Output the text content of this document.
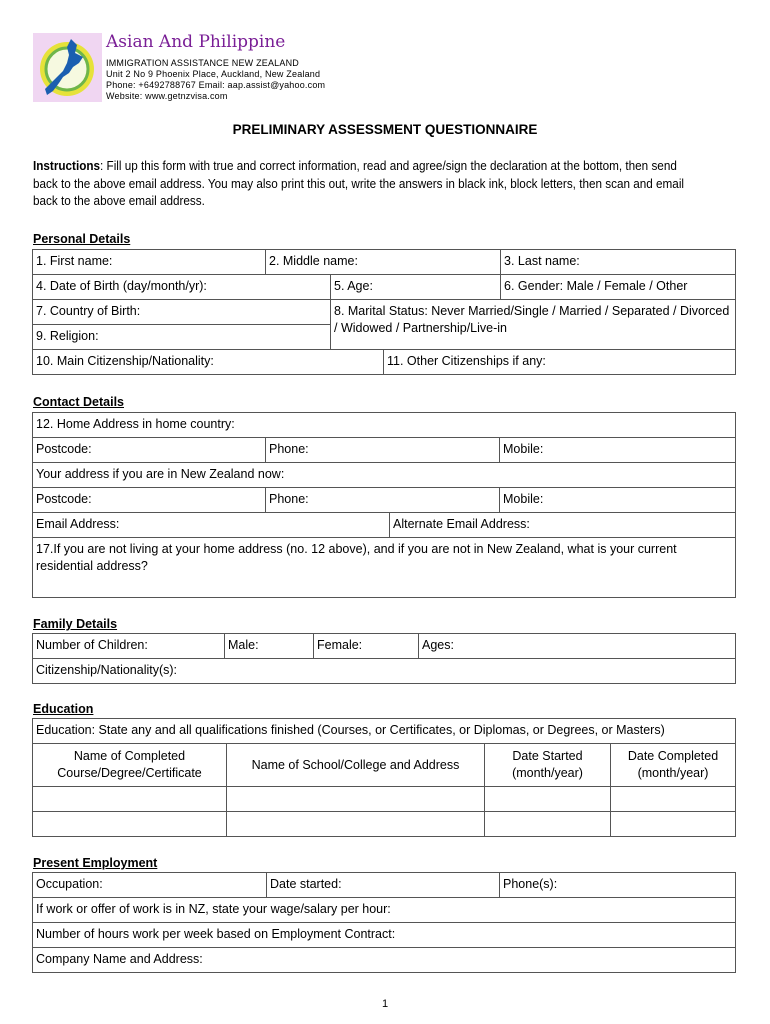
Asian And Philippine
IMMIGRATION ASSISTANCE NEW ZEALAND
Unit 2 No 9 Phoenix Place, Auckland, New Zealand
Phone: +6492788767 Email: aap.assist@yahoo.com
Website: www.getnzvisa.com
PRELIMINARY ASSESSMENT QUESTIONNAIRE
Instructions: Fill up this form with true and correct information, read and agree/sign the declaration at the bottom, then send back to the above email address. You may also print this out, write the answers in black ink, block letters, then scan and email back to the above email address.
Personal Details
1. First name:	2. Middle name:			3. Last name:
4. Date of Birth (day/month/yr):		5. Age:		6. Gender: Male / Female / Other
7. Country of Birth:		8. Marital Status: Never Married/Single / Married / Separated / Divorced / Widowed / Partnership/Live-in		
9. Religion:				
10. Main Citizenship/Nationality:			11. Other Citizenships if any:	
Contact Details
12. Home Address in home country:			
Postcode:	Phone:		Mobile:
Your address if you are in New Zealand now:			
Postcode:	Phone:		Mobile:
Email Address:		Alternate Email Address:	
17.If you are not living at your home address (no. 12 above), and if you are not in New Zealand, what is your current residential address?			
Family Details
Number of Children:	Male:	Female:	Ages:
Citizenship/Nationality(s):
Education
Education: State any and all qualifications finished (Courses, or Certificates, or Diplomas, or Degrees, or Masters)			
Name of Completed Course/Degree/Certificate	Name of School/College and Address	Date Started (month/year)	Date Completed (month/year)

Present Employment
Occupation:	Date started:	Phone(s):
If work or offer of work is in NZ, state your wage/salary per hour:
Number of hours work per week based on Employment Contract:
Company Name and Address:
1
